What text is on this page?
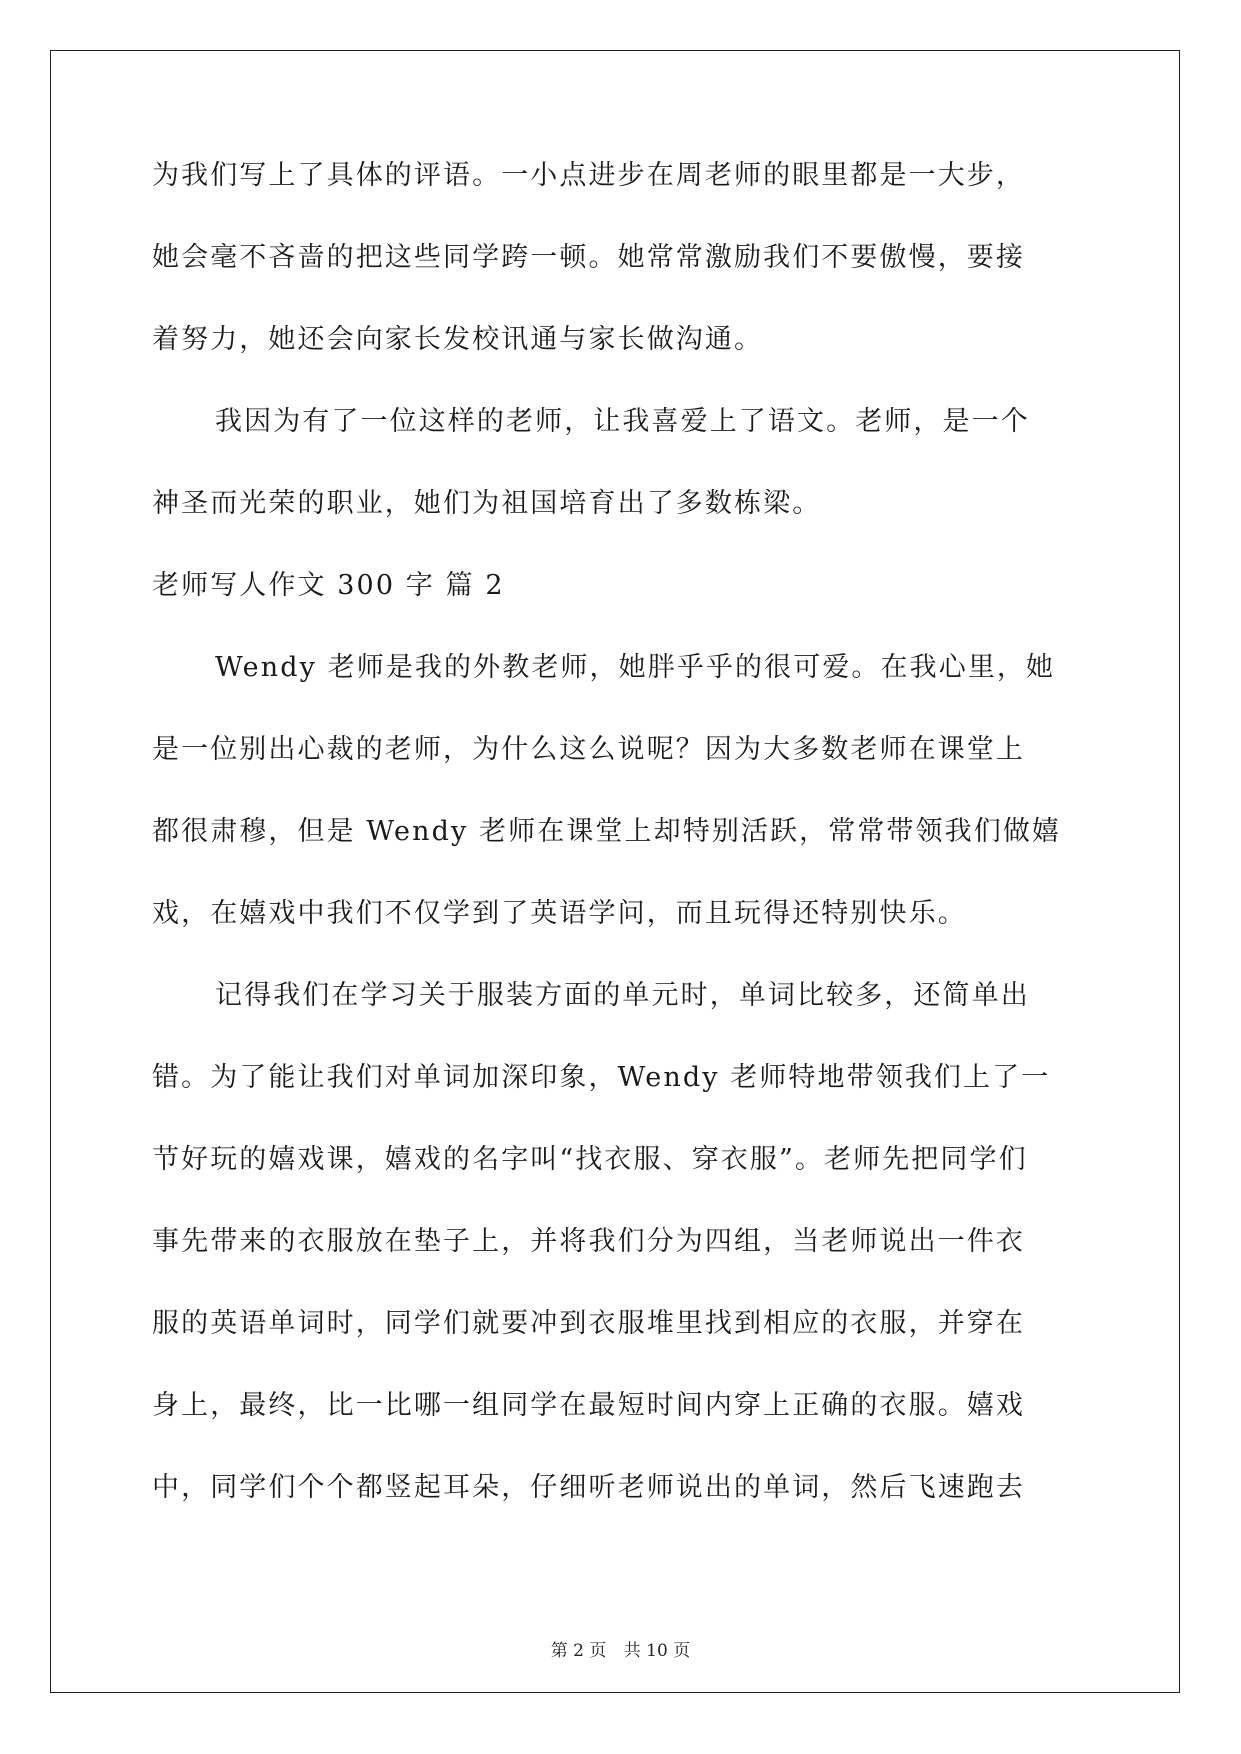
为我们写上了具体的评语。一小点进步在周老师的眼里都是一大步，
她会毫不吝啬的把这些同学跨一顿。她常常激励我们不要傲慢，要接
着努力，她还会向家长发校讯通与家长做沟通。
我因为有了一位这样的老师，让我喜爱上了语文。老师，是一个
神圣而光荣的职业，她们为祖国培育出了多数栋梁。
老师写人作文 300 字 篇 2
Wendy 老师是我的外教老师，她胖乎乎的很可爱。在我心里，她
是一位别出心裁的老师，为什么这么说呢？因为大多数老师在课堂上
都很肃穆，但是 Wendy 老师在课堂上却特别活跃，常常带领我们做嬉
戏，在嬉戏中我们不仅学到了英语学问，而且玩得还特别快乐。
记得我们在学习关于服装方面的单元时，单词比较多，还简单出
错。为了能让我们对单词加深印象，Wendy 老师特地带领我们上了一
节好玩的嬉戏课，嬉戏的名字叫“找衣服、穿衣服”。老师先把同学们
事先带来的衣服放在垫子上，并将我们分为四组，当老师说出一件衣
服的英语单词时，同学们就要冲到衣服堆里找到相应的衣服，并穿在
身上，最终，比一比哪一组同学在最短时间内穿上正确的衣服。嬉戏
中，同学们个个都竖起耳朵，仔细听老师说出的单词，然后飞速跑去
第 2 页 共 10 页
